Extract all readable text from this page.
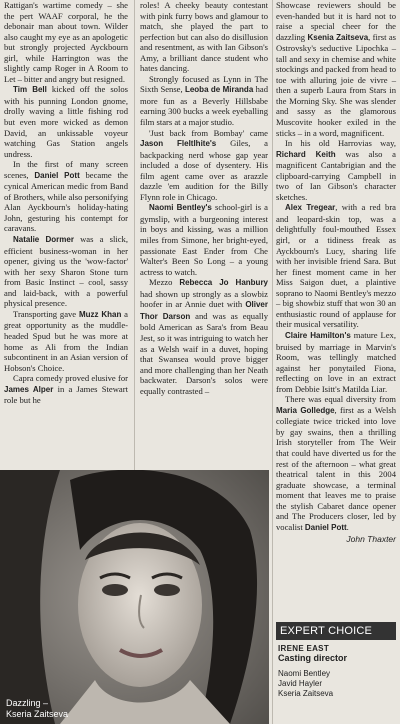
Rattigan's wartime comedy – she the pert WAAF corporal, he the debonair man about town. Wilder also caught my eye as an apologetic but strongly projected Ayckbourn girl, while Harrington was the slightly camp Roger in A Room to Let – bitter and angry but resigned.

Tim Bell kicked off the solos with his punning London gnome, drolly waving a little fishing rod but even more wicked as demon David, an unkissable voyeur watching Gas Station angels undress.

In the first of many screen scenes, Daniel Pott became the cynical American medic from Band of Brothers, while also personifying Alan Ayckbourn's holiday-hating John, gesturing his contempt for caravans.

Natalie Dormer was a slick, efficient business-woman in her opener, giving us the 'wow-factor' with her sexy Sharon Stone turn from Basic Instinct – cool, sassy and laid-back, with a powerful physical presence.

Transporting gave Muzz Khan a great opportunity as the muddle-headed Spud but he was more at home as Ali from the Indian subcontinent in an Asian version of Hobson's Choice.

Capra comedy proved elusive for James Alper in a James Stewart role but he

roles! A cheeky beauty contestant with pink furry bows and glamour to match, she played the part to perfection but can also do disillusion and resentment, as with Ian Gibson's Amy, a brilliant dance student who hates dancing.

Strongly focused as Lynn in The Sixth Sense, Leoba de Miranda had more fun as a Beverly Hillsbabe earning 300 bucks a week eyeballing film stars at a major studio.

'Just back from Bombay' came Jason Fleltlhite's Giles, a backpacking nerd whose gap year included a dose of dysentery. His film agent came over as arazzle dazzle 'em audition for the Billy Flynn role in Chicago.

Naomi Bentley's school-girl is a gymslip, with a burgeoning interest in boys and kissing, was a million miles from Simone, her bright-eyed, passionate East Ender from Che Walter's Been So Long – a young actress to watch.

Mezzo Rebecca Jo Hanbury had shown up strongly as a slowbiz hoofer in ar Annie duet with Oliver Thor Darson and was as equally bold American as Sara's from Beau Jest, so it was intriguing to watch her as a Welsh waif in a duvet, hoping that Swansea would prove bigger and more challenging than her Neath backwater. Darson's solos were equally contrasted –

Showcase reviewers should be even-handed but it is hard not to raise a special cheer for the dazzling Ksenia Zaitseva, first as Ostrovsky's seductive Lipochka – tall and sexy in chemise and white stockings and packed from head to toe with alluring joie de vivre – then a superb Laura from Stars in the Morning Sky. She was slender and sassy as the glamorous Muscovite hooker exiled in the sticks – in a word, magnificent.

In his old Harrovias way, Richard Keith was also a magnificent Cantabrigian and the clipboard-carrying Campbell in two of Ian Gibson's character sketches.

Alex Tregear, with a red bra and leopard-skin top, was a delightfully foul-mouthed Essex girl, or a tidiness freak as Ayckbourn's Lucy, sharing life with her invisible friend Sara. But her finest moment came in her Miss Saigon duet, a plaintive soprano to Naomi Bentley's mezzo – big showbiz stuff that won 30 an enthusiastic round of applause for their musical versatility.

Claire Hamilton's mature Lex, bruised by marriage in Marvin's Room, was tellingly matched against her ponytailed Fiona, reflecting on love in an extract from Debbie Isitt's Matilda Liar.

There was equal diversity from Maria Golledge, first as a Welsh collegiate twice tricked into love by gay swains, then a thrilling Irish storyteller from The Weir that could have diverted us for the rest of the afternoon – what great theatrical talent in this 2004 graduate showcase, a terminal moment that leaves me to praise the stylish Cabaret dance opener and The Producers closer, led by vocalist Daniel Pott.

John Thaxter
Dazzling –
Kseria Zaitseva
EXPERT CHOICE
IRENE EAST
Casting director
Naomi Bentley
Javid Hayler
Kseria Zaitseva
